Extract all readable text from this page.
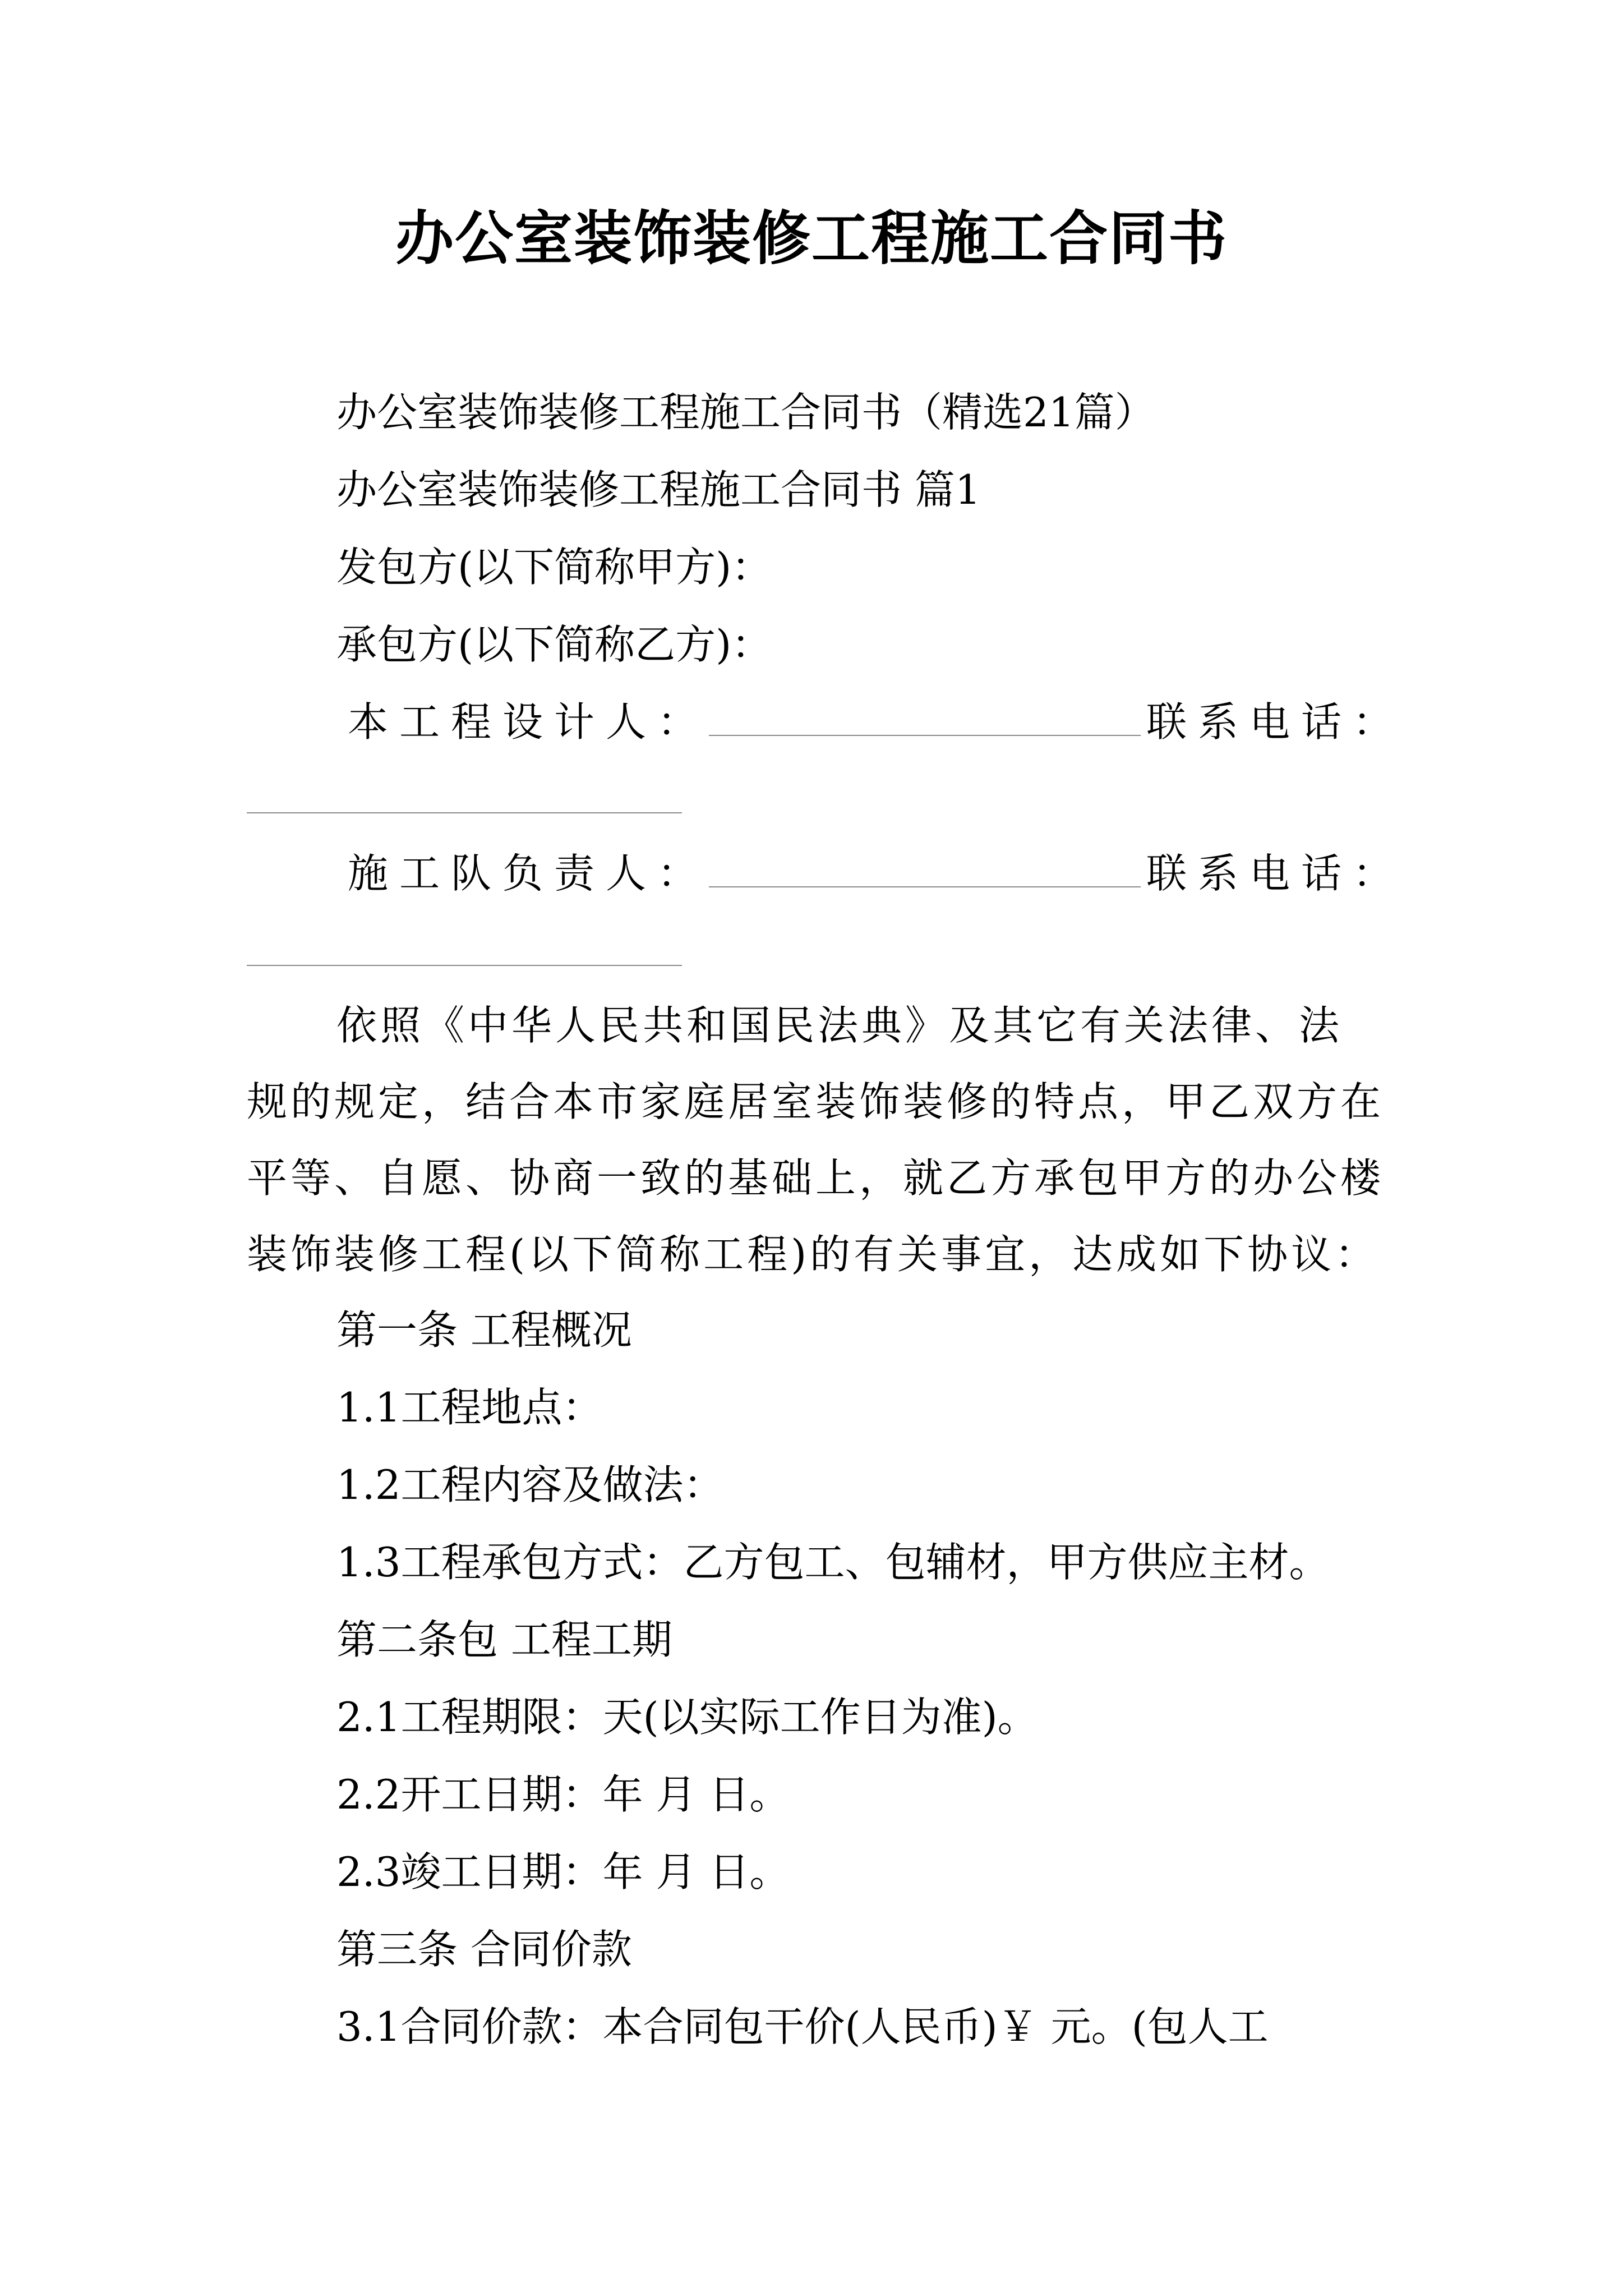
办公室装饰装修工程施工合同书
办公室装饰装修工程施工合同书（精选21篇）
办公室装饰装修工程施工合同书 篇1
发包方(以下简称甲方)：
承包方(以下简称乙方)：
本工程设计人：	联系电话：
施工队负责人：	联系电话：
依照《中华人民共和国民法典》及其它有关法律、法规的规定，结合本市家庭居室装饰装修的特点，甲乙双方在平等、自愿、协商一致的基础上，就乙方承包甲方的办公楼装饰装修工程(以下简称工程)的有关事宜，达成如下协议：
第一条 工程概况
1.1工程地点：
1.2工程内容及做法：
1.3工程承包方式：乙方包工、包辅材，甲方供应主材。
第二条包 工程工期
2.1工程期限：天(以实际工作日为准)。
2.2开工日期：年 月 日。
2.3竣工日期：年 月 日。
第三条 合同价款
3.1合同价款：本合同包干价(人民币)￥ 元。(包人工
